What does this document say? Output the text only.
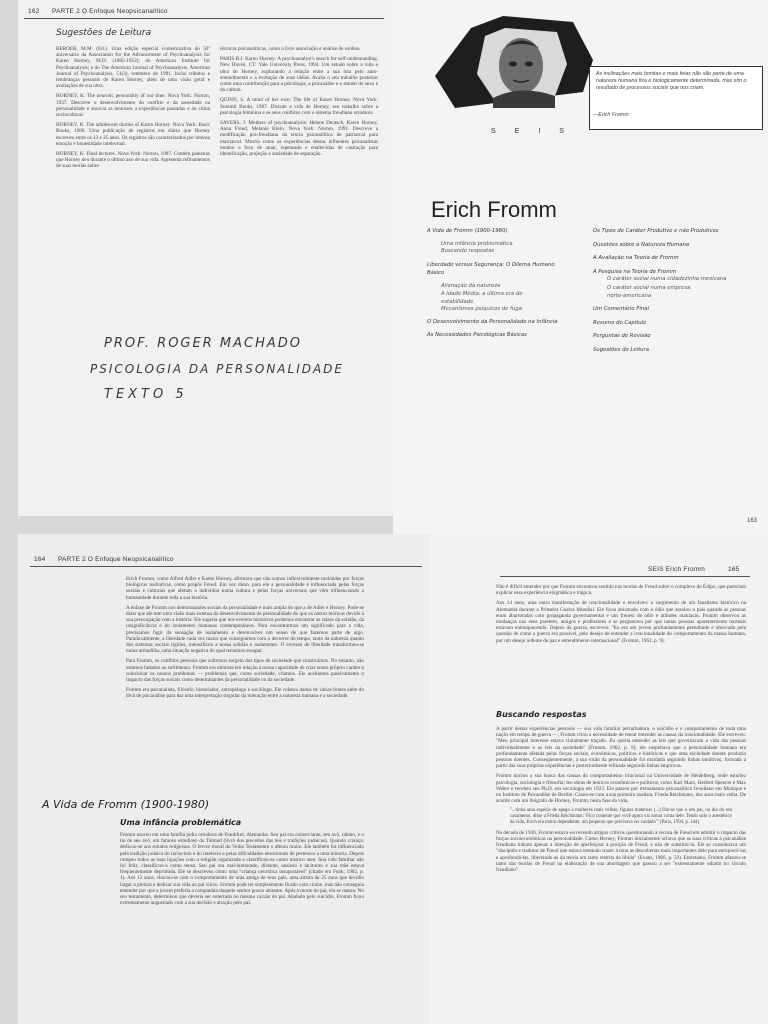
162 PARTE 2 O Enfoque Neopsicanalítico
Sugestões de Leitura

BEROER, M.M. (Ed.). Uma edição especial comemorativa do 50º aniversário da Association for the Advancement of Psychoanalysis for Karen Horney, M.D. (1885-1952); do American Institute for Psychoanalysis; e do The American Journal of Psychoanalysis. American Journal of Psychoanalysis, 51(3), setembro de 1991. Inclui tributos e lembranças pessoais de Karen Horney, além de uma visão geral e avaliações de sua obra.

HORNEY, K. The neurotic personality of our time. Nova York: Norton, 1937. Descreve o desenvolvimento do conflito e da ansiedade na personalidade e associa as neuroses a experiências passadas e ao clima sociocultural.

HORNEY, K. The adolescent diaries of Karen Horney. Nova York: Basic Books, 1980. Uma publicação de registros em diário que Horney escreveu entre os 13 e 25 anos. Os registros são caracterizados por intensa emoção e honestidade intelectual.

HORNEY, K. Final lectures. Nova York: Norton, 1987. Contém palestras que Horney deu durante o último ano de sua vida. Apresenta refinamentos de suas teorias sobre

técnicas psicanalíticas, como a livre associação e análise de sonhos.

PARIS B.J. Karen Horney: A psychoanalyst's search for self-understanding. New Haven, CT: Yale University Press, 1994. Um estudo sobre a vida e obra de Horney, explorando a relação entre a sua luta pelo auto-entendimento e a evolução de suas idéias. Avalia o seu trabalho posterior como uma contribuição para a psicologia, a psicanálise e o estudo do sexo e da cultura.

QUINN, S. A mind of her own: The life of Karen Horney. Nova York: Summit Books, 1987. Discute a vida de Horney, seu trabalho sobre a psicologia feminina e os seus conflitos com o sistema freudiano ortodoxo.

SAYERS, J. Mothers of psychoanalysis: Helene Deutsch, Karen Horney, Anna Freud, Melanie Klein. Nova York: Norton, 1991. Descreve a modificação pós-freudiana da teoria psicanalítica de patriarcal para matriarcal. Mostra como as experiências destas influentes psicanalistas mudou o foco de atuar, repensado e enaltecidas de castração para identificação, projeção e ansiedade de separação.

PROF. ROGER MACHADO
PSICOLOGIA DA PERSONALIDADE
TEXTO 5
SEIS
As inclinações mais bonitas e mais feias não são parte de uma natureza humana fixa e biologicamente determinada, mas sim o resultado de processos sociais que nos criam.
—Erich Fromm
Erich Fromm
A Vida de Fromm (1900-1980)
Uma infância problemática
Buscando respostas
Liberdade versus Segurança: O Dilema Humano Básico
Alienação da natureza
A Idade Média: a última era de estabilidade
Mecanismos psíquicos de fuga
O Desenvolvimento da Personalidade na Infância
As Necessidades Psicológicas Básicas
Os Tipos de Caráter Produtivo e não Produtivos
Questões sobre a Natureza Humana
A Avaliação na Teoria de Fromm
A Pesquisa na Teoria de Fromm
O caráter social numa cidadezinha mexicana
O caráter social numa empresa norte-americana
Um Comentário Final
Resumo do Capítulo
Perguntas de Revisão
Sugestões de Leitura
163
164 PARTE 2 O Enfoque Neopsicanalítico

Erich Fromm, como Alfred Adler e Karen Horney, afirmava que não somos inflexivelmente moldados por forças biológicas instintivas, como propôs Freud. Em vez disso, para ele a personalidade é influenciada pelas forças sociais e culturais que afetam o indivíduo numa cultura e pelas forças universais que vêm influenciando a humanidade durante toda a sua história.

A ênfase de Fromm nos determinantes sociais da personalidade é mais ampla do que a de Adler e Horney. Pode-se dizer que ele tem uma visão mais extensa do desenvolvimento da personalidade do que os outros teóricos devido à sua preocupação com a história. Ele sugeria que nos eventos históricos podemos encontrar as raízes da solidão, da insignificância e do isolamento humanos contemporâneos. Para encontrarmos um significado para a vida, precisamos fugir da sensação de isolamento e desenvolver um senso de que fazemos parte de algo. Paradoxalmente, a liberdade cada vez maior que conseguimos com o decorrer do tempo, tanto da natureza quanto dos sistemas sociais rígidos, intensificou a nossa solidão e isolamento. O excesso de liberdade transformou-se numa armadilha, uma situação negativa do qual tentamos escapar.

Para Fromm, os conflitos pessoais que sofremos surgem dos tipos de sociedade que construímos. No entanto, não estamos fadados ao sofrimento. Fromm era otimista em relação à nossa capacidade de criar nosso próprio caráter e solucionar os nossos problemas — problemas que, como sociedade, criamos. Ele aceitamos passivamente o impacto das forças sociais como determinantes da personalidade ou da sociedade.

Fromm era psicanalista, filósofo, historiador, antropólogo e sociólogo. Ele coletou dados de várias fontes além do divã de psicanálise para dar uma interpretação singular da interação entre a natureza humana e a sociedade.

A Vida de Fromm (1900-1980)
Uma infância problemática

Fromm nasceu em uma família judia ortodoxa de Frankfurt, Alemanha. Seu pai era comerciante, seu avô, rabino, e o tio de seu avô, um famoso estudioso do Talmud (livro dos preceitos das leis e tradições judaicas). Quando criança, dedicou-se aos estudos religiosos. O fervor moral do Velho Testamento o afetou muito. Ele também foi influenciado pela tradição judaica do raciocínio e do intelecto e pelas dificuldades emocionais de pertencer a uma minoria. Depois rompeu todos as suas ligações com a religião organizada e classificou-se como místico ateu. Sua vida familiar não foi feliz, classificou-a como tensa. Seu pai era mal-humorado, distante, ansioso e taciturno e sua mãe estava freqüentemente deprimida. Ele se descreveu como uma "criança neurótica insuportável" (citado em Funk, 1982, p. 1). Aos 12 anos, chocou-se com o comportamento de uma amiga de seus pais, uma artista de 25 anos que decidiu largar a pintura e dedicar sua vida ao pai viúvo. Fromm pode ter simplesmente ficado com ciúme, mas não conseguia entender por que a jovem preferia a companhia daquele senhor pouco atraente. Após a morte do pai, ela se matou. No seu testamento, determinou que deveria ser enterrada no mesmo caixão do pai. Abalado pelo suicídio, Fromm ficou extremamente angustiado com a sua decisão e atração pelo pai.

SEIS Erich Fromm	165

Não é difícil entender por que Fromm encontrou sentido nas teorias de Freud sobre o complexo de Édipo, que pareciam explicar essa experiência enigmática e trágica.

Aos 14 anos, uma outra manifestação de irracionalidade o envolveu: o surgimento de um fanatismo histórico na Alemanha durante a Primeira Guerra Mundial. Ele ficou abismado com o ódio que assolou o país quando as pessoas eram abarrotadas com propaganda governamental e um frenesi de ódio e atitudes maníacas. Fromm observou as mudanças nos seus parentes, amigos e professores e se perguntava por que tantas pessoas aparentemente normais estavam enlouquecendo. Depois da guerra, escreveu: "Eu era um jovem profundamente perturbado e obcecado pela questão de como a guerra era possível, pelo desejo de entender a irracionalidade do comportamento da massa humana, por um desejo ardente de paz e entendimento internacional" (Fromm, 1962, p. 9).

Buscando respostas

A partir destas experiências pessoais — sua vida familiar perturbadora, o suicídio e o comportamento de toda uma nação em tempo de guerra —, Fromm criou a necessidade de tentar entender as causas da irracionalidade. Ele escreveu: "Meu principal interesse estava claramente traçado. Eu queria entender as leis que governavam a vida das pessoas individualmente e as leis da sociedade" (Fromm, 1962, p. 9); ele suspeitava que a personalidade humana era profundamente afetada pelas forças sociais, econômicas, políticas e históricas e que uma sociedade doente produzia pessoas doentes. Conseqüentemente, a sua visão da personalidade foi moldada seguindo linhas intuitivas, formada a partir das suas próprias experiências e posteriormente refinada seguindo linhas empíricas.

Fromm iniciou a sua busca das causas do comportamento irracional na Universidade de Heidelberg, onde estudou psicologia, sociologia e filosofia; leu obras de teóricos econômicos e políticos, como Karl Marx, Herbert Spencer e Max Weber e recebeu seu Ph.D. em sociologia em 1922. Ele passou por treinamento psicanalítico freudiano em Munique e no Instituto de Psicanálise de Berlim. Casou-se com a sua primeira analista, Frieda Reichmann, dez anos mais velha. De acordo com um biógrafo de Horney, Fromm, nesta fase da vida,

"...tinha uma espécie de apego a mulheres mais velhas, figuras maternas (...) Diz-se que o seu pai, no dia do seu casamento, disse a Frieda Reichmann: 'Fico contente que você agora vai tomar conta dele. Tendo sido o anestésico da vida, Erich era muito dependente, um pequeno que precisava ser cuidado'" (Paris, 1994, p. 144).

Na década de 1930, Fromm estava escrevendo artigos críticos questionando a recusa de Freud em admitir o impacto das forças socioeconômicas na personalidade. Como Horney, Fromm inicialmente achava que as suas críticas à psicanálise freudiana tinham apenas a intenção de aperfeiçoar a posição de Freud, e não de substituí-la. Ele se considerava um "discípulo e tradutor de Freud que estava tentando trazer à tona as descobertas mais importantes dele para enriquecê-las e aprofundá-las, libertando-as da teoria um tanto restrita da libido" (Evans, 1966, p. 59). Entretanto, Fromm afastou-se tanto das teorias de Freud na elaboração de sua abordagem que passou a ser "extremamente odiado no círculo freudiano"
